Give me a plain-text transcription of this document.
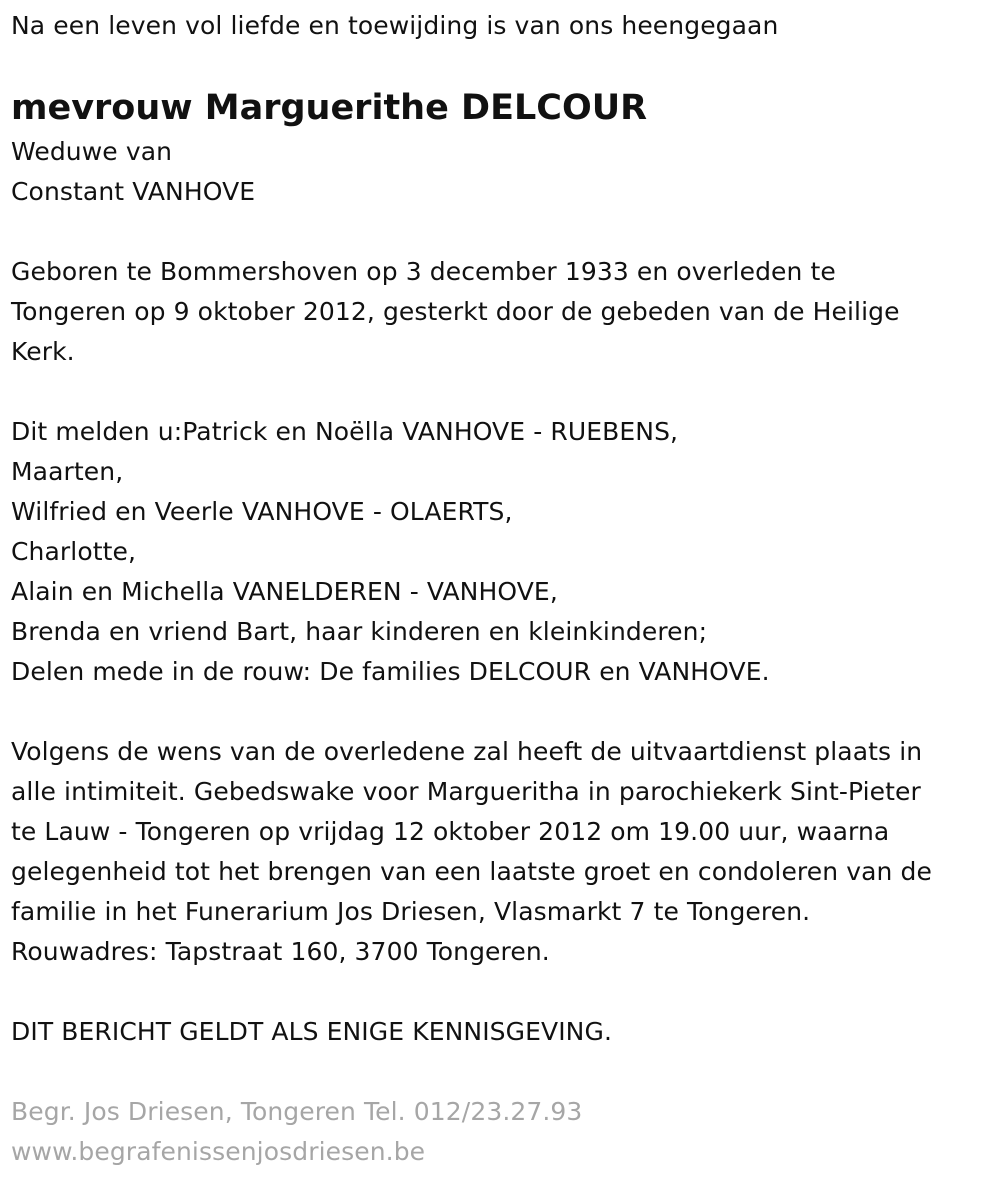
Na een leven vol liefde en toewijding is van ons heengegaan
mevrouw Marguerithe DELCOUR
Weduwe van
Constant VANHOVE
Geboren te Bommershoven op 3 december 1933 en overleden te
Tongeren op 9 oktober 2012, gesterkt door de gebeden van de Heilige
Kerk.
Dit melden u:Patrick en Noëlla VANHOVE - RUEBENS,
Maarten,
Wilfried en Veerle VANHOVE - OLAERTS,
Charlotte,
Alain en Michella VANELDEREN - VANHOVE,
Brenda en vriend Bart, haar kinderen en kleinkinderen;
Delen mede in de rouw: De families DELCOUR en VANHOVE.
Volgens de wens van de overledene zal heeft de uitvaartdienst plaats in
alle intimiteit. Gebedswake voor Margueritha in parochiekerk Sint-Pieter
te Lauw - Tongeren op vrijdag 12 oktober 2012 om 19.00 uur, waarna
gelegenheid tot het brengen van een laatste groet en condoleren van de
familie in het Funerarium Jos Driesen, Vlasmarkt 7 te Tongeren.
Rouwadres: Tapstraat 160, 3700 Tongeren.
DIT BERICHT GELDT ALS ENIGE KENNISGEVING.
Begr. Jos Driesen, Tongeren Tel. 012/23.27.93
www.begrafenissenjosdriesen.be
